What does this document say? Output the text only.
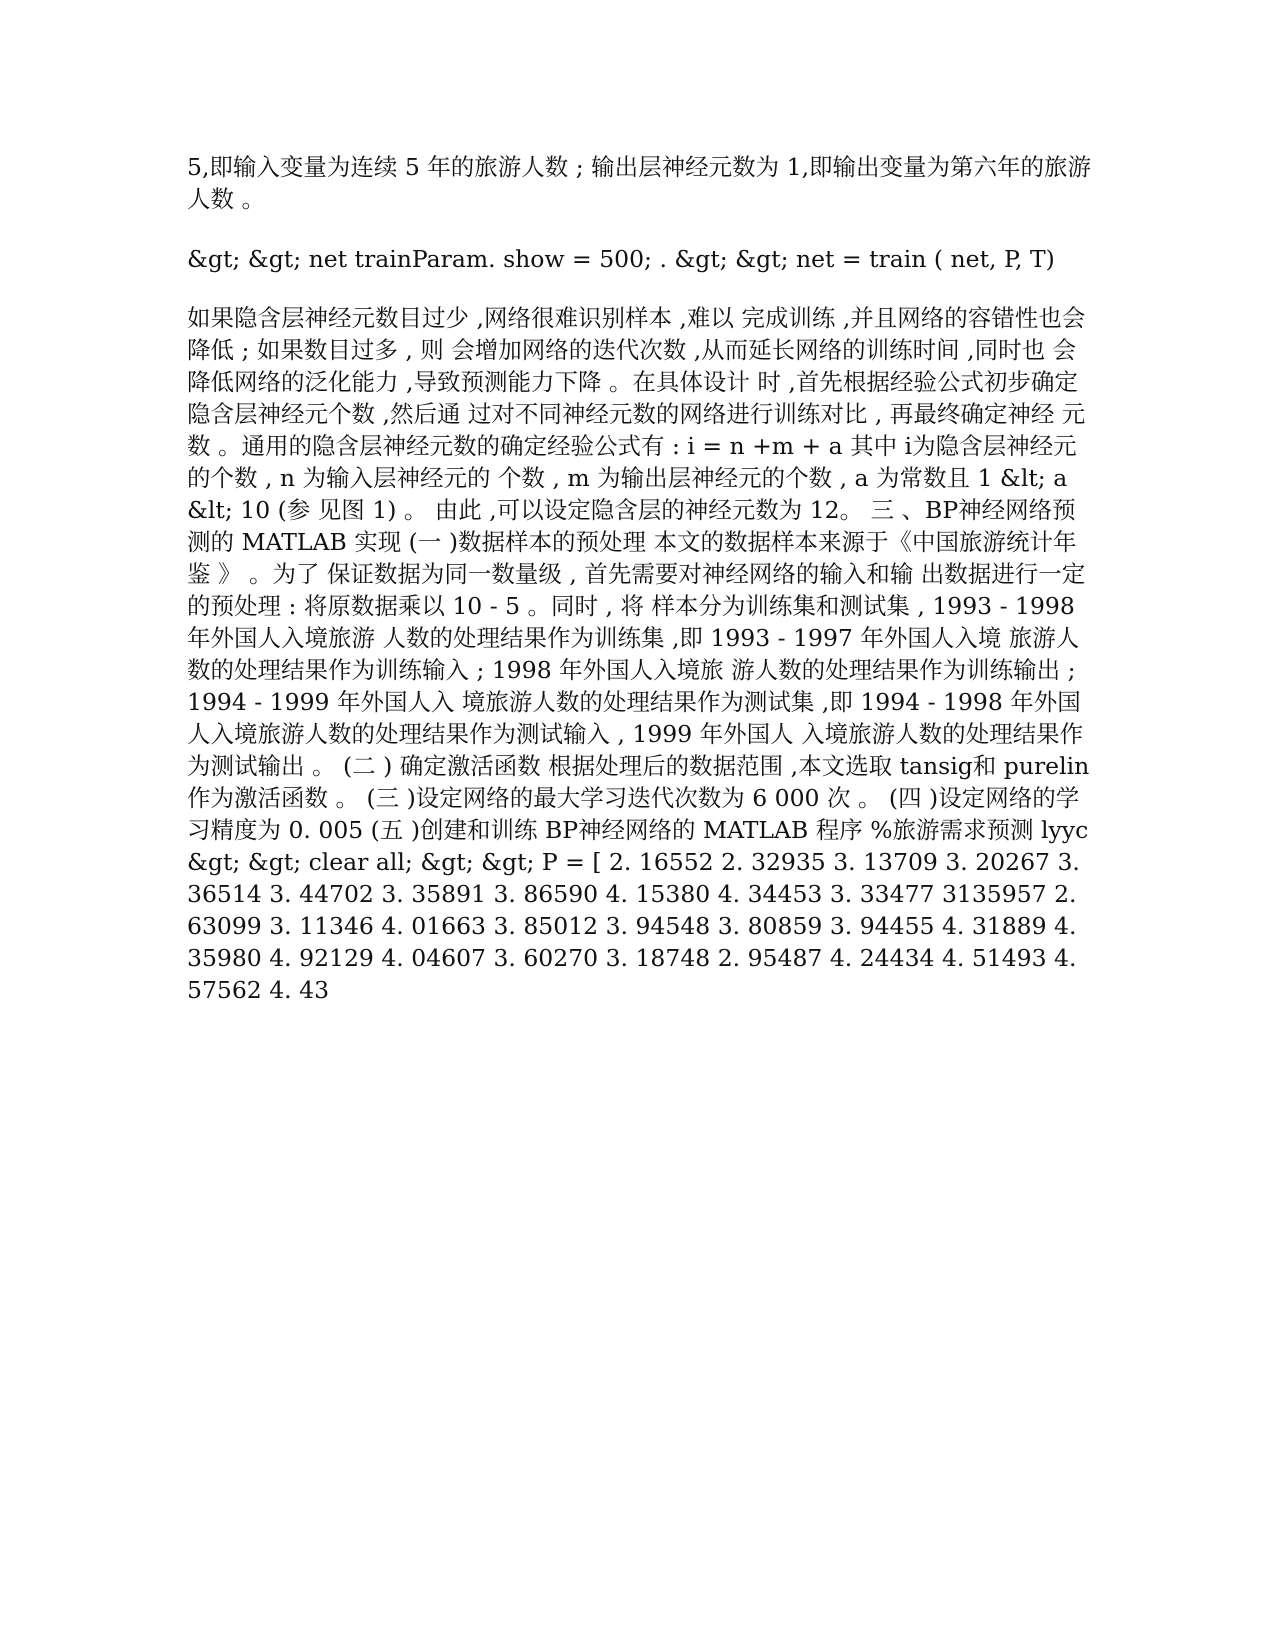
5,即输入变量为连续 5 年的旅游人数 ; 输出层神经元数为 1,即输出变量为第六年的旅游人数 。

&gt; &gt; net trainParam. show = 500; . &gt; &gt; net = train ( net, P, T)

如果隐含层神经元数目过少 ,网络很难识别样本 ,难以 完成训练 ,并且网络的容错性也会降低 ; 如果数目过多 , 则 会增加网络的迭代次数 ,从而延长网络的训练时间 ,同时也 会降低网络的泛化能力 ,导致预测能力下降 。在具体设计 时 ,首先根据经验公式初步确定隐含层神经元个数 ,然后通 过对不同神经元数的网络进行训练对比 , 再最终确定神经 元数 。通用的隐含层神经元数的确定经验公式有 : i = n +m + a 其中 i为隐含层神经元的个数 , n 为输入层神经元的 个数 , m 为输出层神经元的个数 , a 为常数且 1 &lt; a &lt; 10 (参 见图 1) 。 由此 ,可以设定隐含层的神经元数为 12。 三 、BP神经网络预测的 MATLAB 实现 (一 )数据样本的预处理 本文的数据样本来源于《中国旅游统计年鉴 》 。为了 保证数据为同一数量级 , 首先需要对神经网络的输入和输 出数据进行一定的预处理 : 将原数据乘以 10 - 5 。同时 , 将 样本分为训练集和测试集 , 1993 - 1998 年外国人入境旅游 人数的处理结果作为训练集 ,即 1993 - 1997 年外国人入境 旅游人数的处理结果作为训练输入 ; 1998 年外国人入境旅 游人数的处理结果作为训练输出 ; 1994 - 1999 年外国人入 境旅游人数的处理结果作为测试集 ,即 1994 - 1998 年外国 人入境旅游人数的处理结果作为测试输入 , 1999 年外国人 入境旅游人数的处理结果作为测试输出 。 (二 ) 确定激活函数 根据处理后的数据范围 ,本文选取 tansig和 purelin 作为激活函数 。 (三 )设定网络的最大学习迭代次数为 6 000 次 。 (四 )设定网络的学习精度为 0. 005 (五 )创建和训练 BP神经网络的 MATLAB 程序 %旅游需求预测 lyyc &gt; &gt; clear all; &gt; &gt; P = [ 2. 16552 2. 32935 3. 13709 3. 20267 3. 36514 3. 44702 3. 35891 3. 86590 4. 15380 4. 34453 3. 33477 3135957 2. 63099 3. 11346 4. 01663 3. 85012 3. 94548 3. 80859 3. 94455 4. 31889 4. 35980 4. 92129 4. 04607 3. 60270 3. 18748 2. 95487 4. 24434 4. 51493 4. 57562 4. 43
